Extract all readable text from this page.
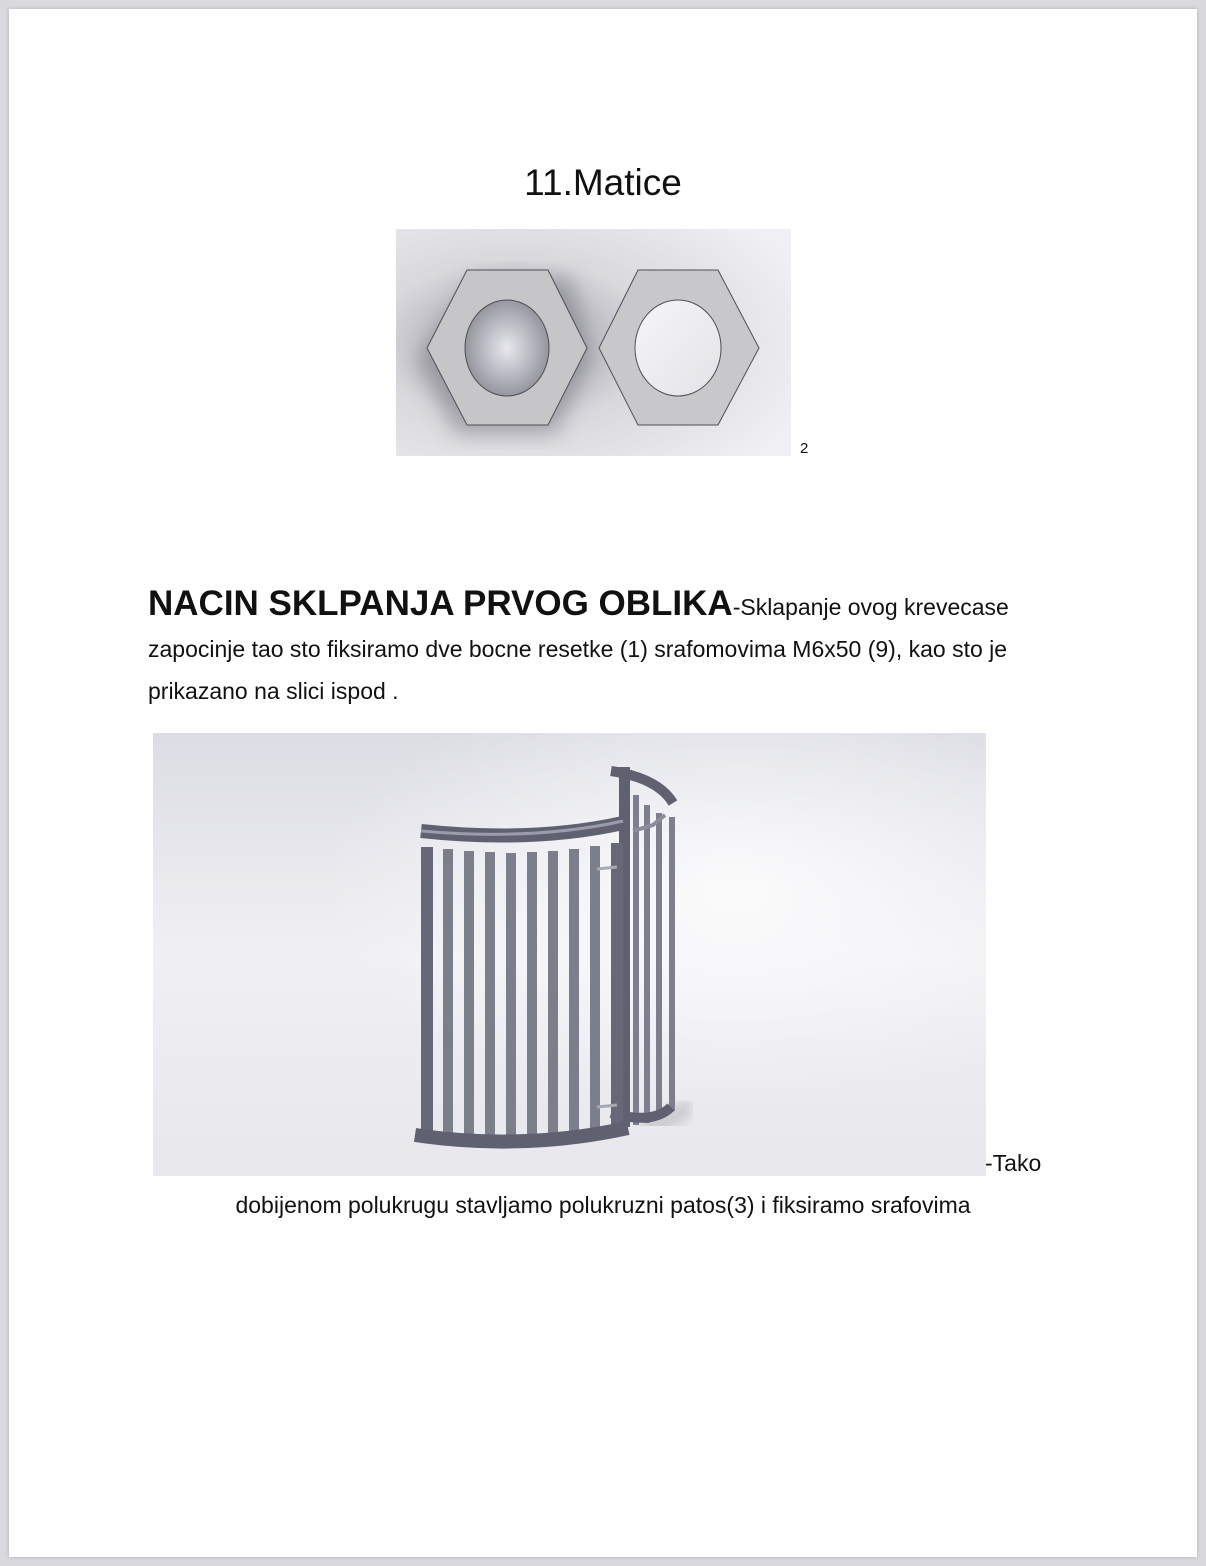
11.Matice
2
NACIN SKLPANJA PRVOG OBLIKA-Sklapanje ovog krevecase zapocinje tao sto fiksiramo dve bocne resetke (1) srafomovima M6x50 (9), kao sto je prikazano na slici ispod .
-Tako
dobijenom polukrugu stavljamo polukruzni patos(3) i fiksiramo srafovima
